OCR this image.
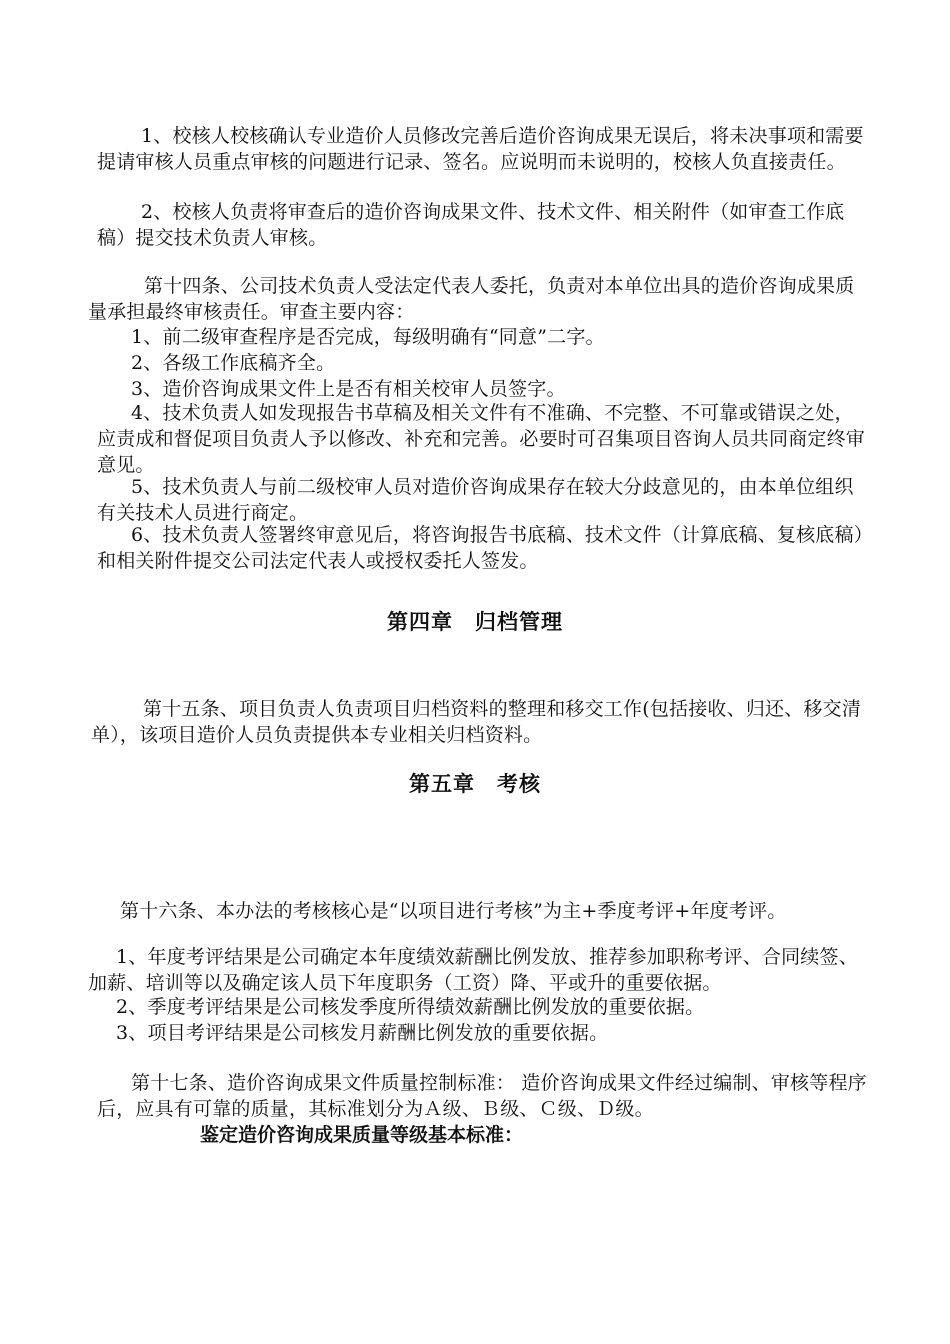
1、校核人校核确认专业造价人员修改完善后造价咨询成果无误后，将未决事项和需要提请审核人员重点审核的问题进行记录、签名。应说明而未说明的，校核人负直接责任。
2、校核人负责将审查后的造价咨询成果文件、技术文件、相关附件（如审查工作底稿）提交技术负责人审核。
第十四条、公司技术负责人受法定代表人委托，负责对本单位出具的造价咨询成果质量承担最终审核责任。审查主要内容：
1、前二级审查程序是否完成，每级明确有“同意”二字。
2、各级工作底稿齐全。
3、造价咨询成果文件上是否有相关校审人员签字。
4、技术负责人如发现报告书草稿及相关文件有不准确、不完整、不可靠或错误之处，应责成和督促项目负责人予以修改、补充和完善。必要时可召集项目咨询人员共同商定终审意见。
5、技术负责人与前二级校审人员对造价咨询成果存在较大分歧意见的，由本单位组织有关技术人员进行商定。
6、技术负责人签署终审意见后，将咨询报告书底稿、技术文件（计算底稿、复核底稿）和相关附件提交公司法定代表人或授权委托人签发。
第四章　归档管理
第十五条、项目负责人负责项目归档资料的整理和移交工作(包括接收、归还、移交清单），该项目造价人员负责提供本专业相关归档资料。
第五章　考核
第十六条、本办法的考核核心是“以项目进行考核”为主+季度考评+年度考评。
1、年度考评结果是公司确定本年度绩效薪酬比例发放、推荐参加职称考评、合同续签、加薪、培训等以及确定该人员下年度职务（工资）降、平或升的重要依据。
2、季度考评结果是公司核发季度所得绩效薪酬比例发放的重要依据。
3、项目考评结果是公司核发月薪酬比例发放的重要依据。
第十七条、造价咨询成果文件质量控制标准： 造价咨询成果文件经过编制、审核等程序后，应具有可靠的质量，其标准划分为Ａ级、Ｂ级、Ｃ级、Ｄ级。
鉴定造价咨询成果质量等级基本标准：
